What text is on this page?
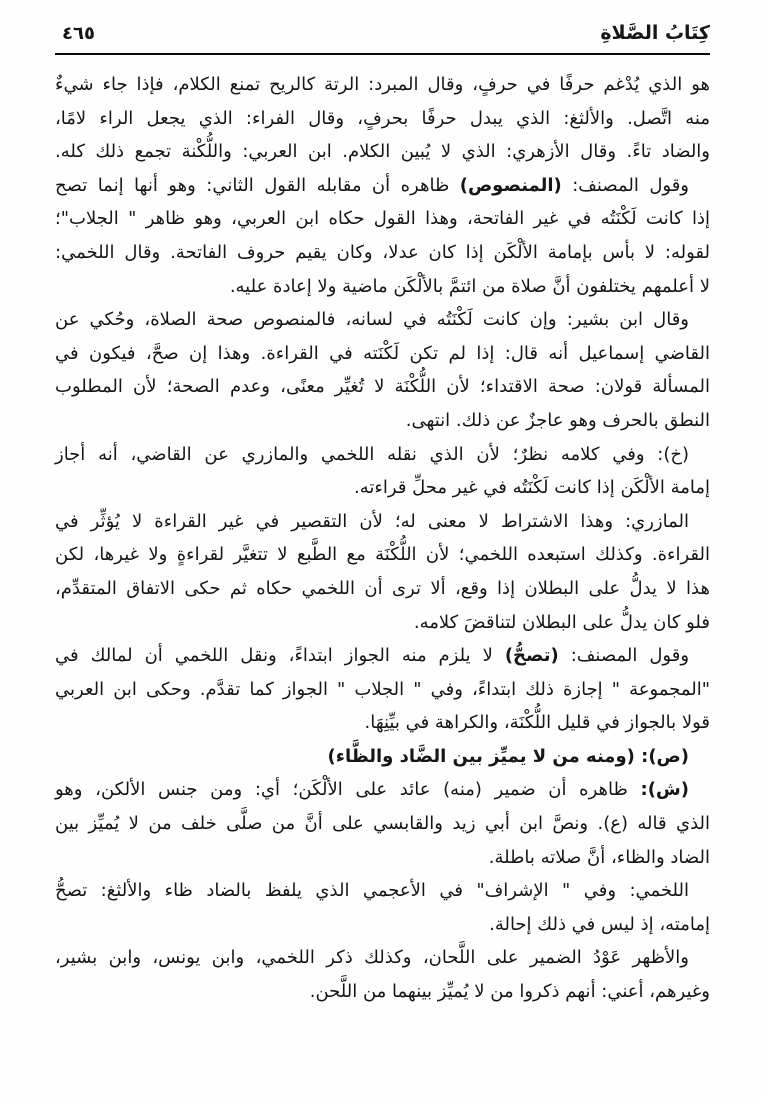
كِتَابُ الصَّلاةِ
٤٦٥
هو الذي يُدْغم حرفًا في حرفٍ، وقال المبرد: الرتة كالريح تمنع الكلام، فإذا جاء شيءٌ
منه اتَّصل. والألثغ: الذي يبدل حرفًا بحرفٍ، وقال الفراء: الذي يجعل الراء لامًا،
والضاد تاءً. وقال الأزهري: الذي لا يُبين الكلام. ابن العربي: واللُّكْنة تجمع ذلك كله.
وقول المصنف: (المنصوص) ظاهره أن مقابله القول الثاني: وهو أنها إنما تصح
إذا كانت لَكْنَتُه في غير الفاتحة، وهذا القول حكاه ابن العربي، وهو ظاهر " الجلاب"؛
لقوله: لا بأس بإمامة الألْكَن إذا كان عدلا، وكان يقيم حروف الفاتحة. وقال اللخمي:
لا أعلمهم يختلفون أنَّ صلاة من ائتمَّ بالألْكَن ماضية ولا إعادة عليه.
وقال ابن بشير: وإن كانت لَكْنَتُه في لسانه، فالمنصوص صحة الصلاة، وحُكي عن
القاضي إسماعيل أنه قال: إذا لم تكن لَكْنَته في القراءة. وهذا إن صحَّ، فيكون في
المسألة قولان: صحة الاقتداء؛ لأن اللُّكْنَة لا تُغيِّر معنًى، وعدم الصحة؛ لأن المطلوب
النطق بالحرف وهو عاجزٌ عن ذلك. انتهى.
(خ): وفي كلامه نظرٌ؛ لأن الذي نقله اللخمي والمازري عن القاضي، أنه أجاز
إمامة الألْكَن إذا كانت لَكْنَتُه في غير محلِّ قراءته.
المازري: وهذا الاشتراط لا معنى له؛ لأن التقصير في غير القراءة لا يُؤثِّر في
القراءة. وكذلك استبعده اللخمي؛ لأن اللُّكْنَة مع الطَّبع لا تتغيَّر لقراءةٍ ولا غيرها، لكن
هذا لا يدلُّ على البطلان إذا وقع، ألا ترى أن اللخمي حكاه ثم حكى الاتفاق المتقدِّم،
فلو كان يدلُّ على البطلان لتناقضَ كلامه.
وقول المصنف: (تصحُّ) لا يلزم منه الجواز ابتداءً، ونقل اللخمي أن لمالك في
"المجموعة " إجازة ذلك ابتداءً، وفي " الجلاب " الجواز كما تقدَّم. وحكى ابن العربي
قولا بالجواز في قليل اللُّكْنَة، والكراهة في بيِّنِهَا.
(ص): (ومنه من لا يميِّز بين الضَّاد والظَّاء)
(ش): ظاهره أن ضمير (منه) عائد على الألْكَن؛ أي: ومن جنس الألكن، وهو
الذي قاله (ع). ونصَّ ابن أبي زيد والقابسي على أنَّ من صلَّى خلف من لا يُميِّز بين
الضاد والظاء، أنَّ صلاته باطلة.
اللخمي: وفي " الإشراف" في الأعجمي الذي يلفظ بالضاد ظاء والألثغ: تصحُّ
إمامته، إذ ليس في ذلك إحالة.
والأظهر عَوْدُ الضمير على اللَّحان، وكذلك ذكر اللخمي، وابن يونس، وابن بشير،
وغيرهم، أعني: أنهم ذكروا من لا يُميِّز بينهما من اللَّحن.
